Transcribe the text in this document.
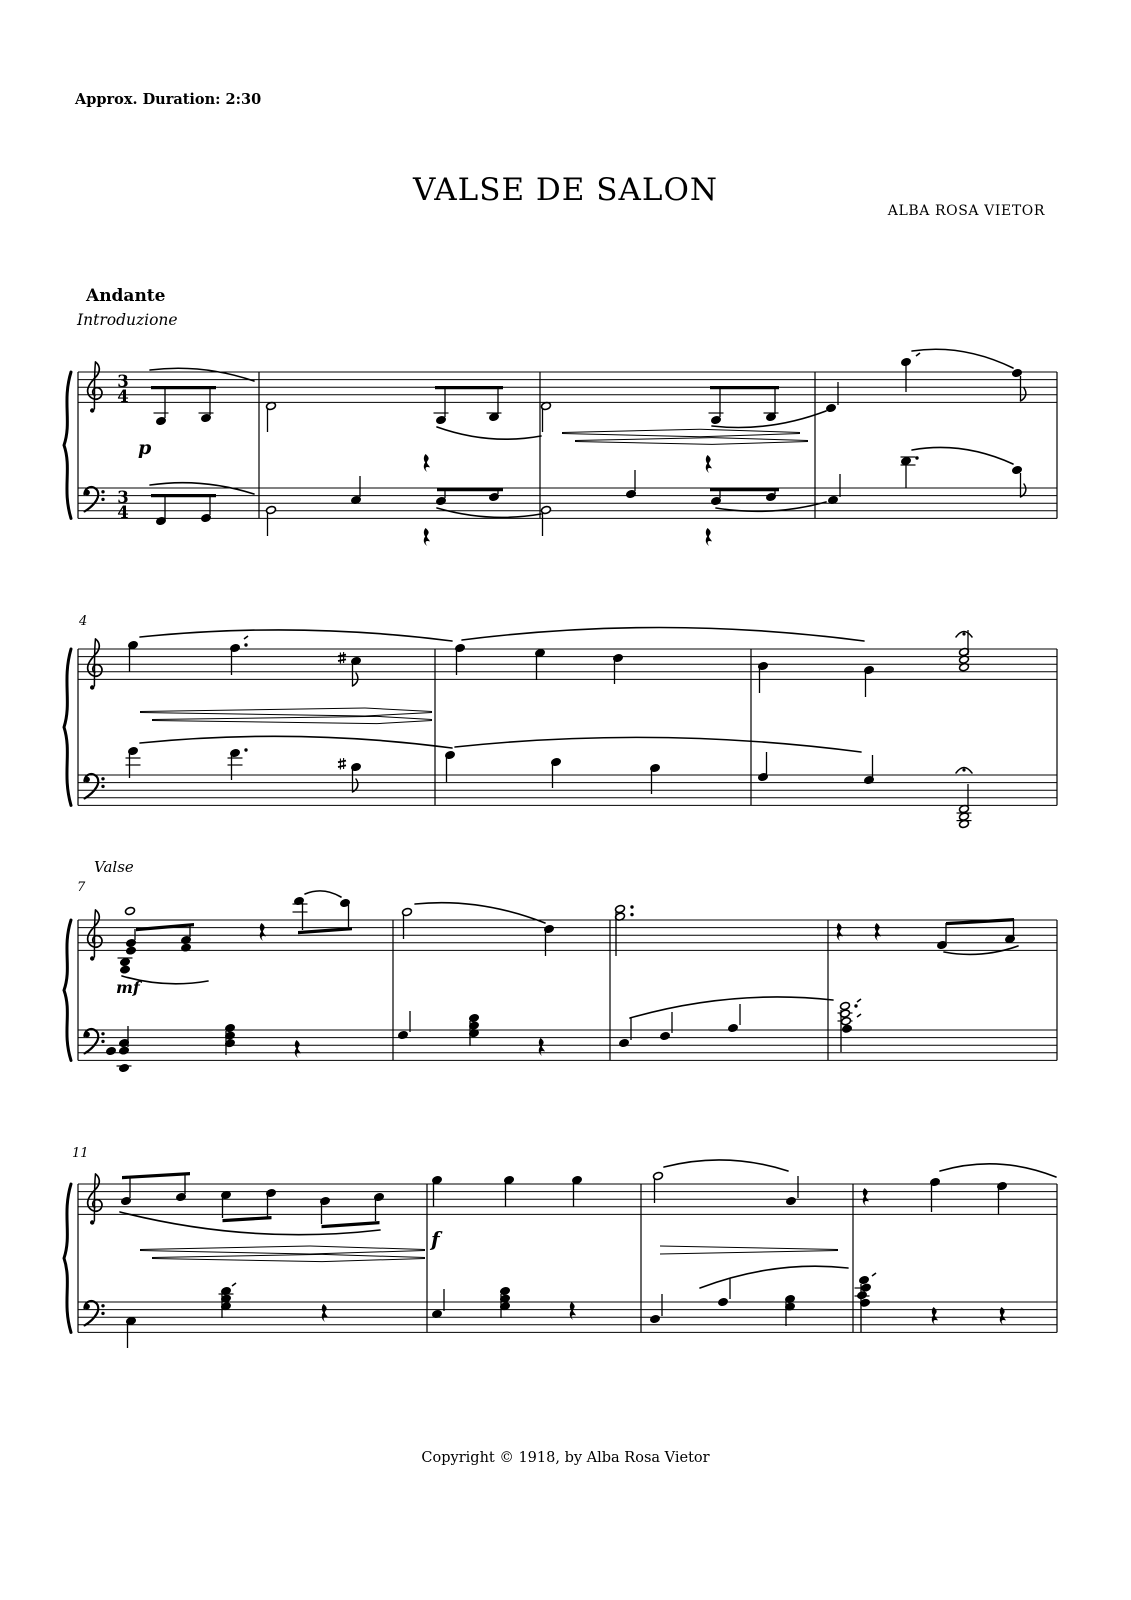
Approx. Duration: 2:30
VALSE DE SALON
ALBA ROSA VIETOR
Andante
Introduzione
Valse
3
4
3
4
Copyright © 1918, by Alba Rosa Vietor
4
7
11
p
mf
f
